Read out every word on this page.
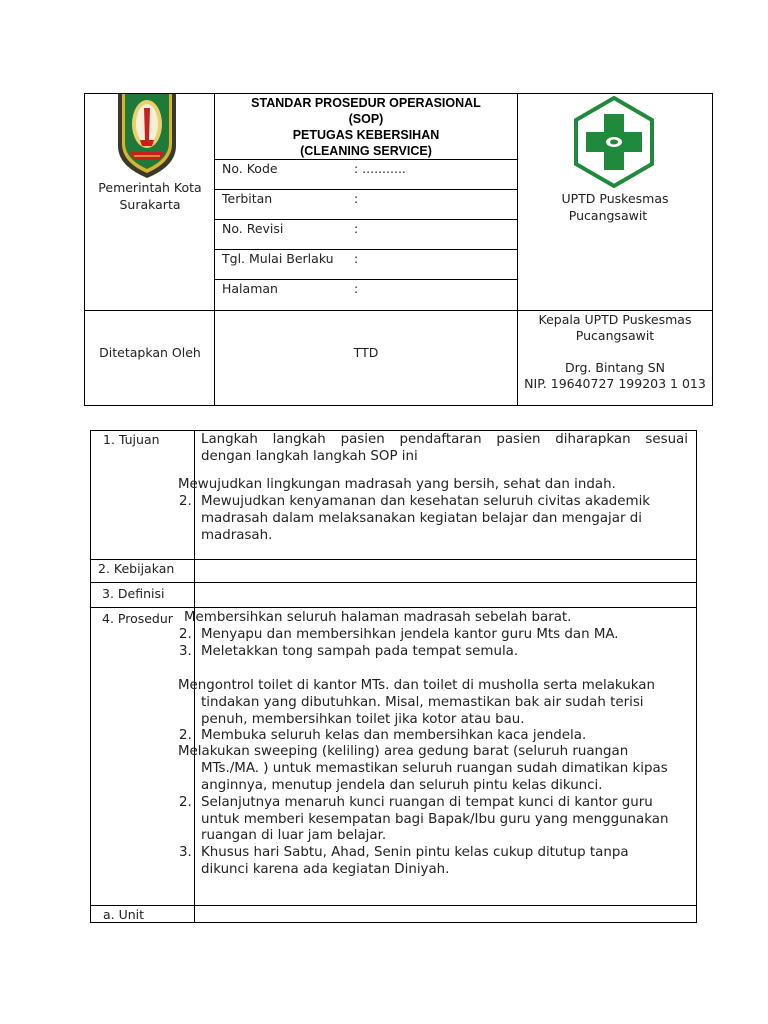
Pemerintah Kota
Surakarta
STANDAR PROSEDUR OPERASIONAL
(SOP)
PETUGAS KEBERSIHAN
(CLEANING SERVICE)
No. Kode	: ...........
Terbitan	:
No. Revisi	:
Tgl. Mulai Berlaku :
Halaman	:
UPTD Puskesmas
Pucangsawit
Ditetapkan Oleh	TTD
Kepala UPTD Puskesmas
Pucangsawit
Drg. Bintang SN
NIP. 19640727 199203 1 013
1. Tujuan	Langkah langkah pasien pendaftaran pasien diharapkan sesuai
dengan langkah langkah SOP ini
Mewujudkan lingkungan madrasah yang bersih, sehat dan indah.
2. Mewujudkan kenyamanan dan kesehatan seluruh civitas akademik
madrasah dalam melaksanakan kegiatan belajar dan mengajar di
madrasah.
2. Kebijakan
3. Definisi
4. Prosedur Membersihkan seluruh halaman madrasah sebelah barat.
2. Menyapu dan membersihkan jendela kantor guru Mts dan MA.
3. Meletakkan tong sampah pada tempat semula.
Mengontrol toilet di kantor MTs. dan toilet di musholla serta melakukan
tindakan yang dibutuhkan. Misal, memastikan bak air sudah terisi
penuh, membersihkan toilet jika kotor atau bau.
2. Membuka seluruh kelas dan membersihkan kaca jendela.
Melakukan sweeping (keliling) area gedung barat (seluruh ruangan
MTs./MA. ) untuk memastikan seluruh ruangan sudah dimatikan kipas
anginnya, menutup jendela dan seluruh pintu kelas dikunci.
2. Selanjutnya menaruh kunci ruangan di tempat kunci di kantor guru
untuk memberi kesempatan bagi Bapak/Ibu guru yang menggunakan
ruangan di luar jam belajar.
3. Khusus hari Sabtu, Ahad, Senin pintu kelas cukup ditutup tanpa
dikunci karena ada kegiatan Diniyah.
a. Unit
